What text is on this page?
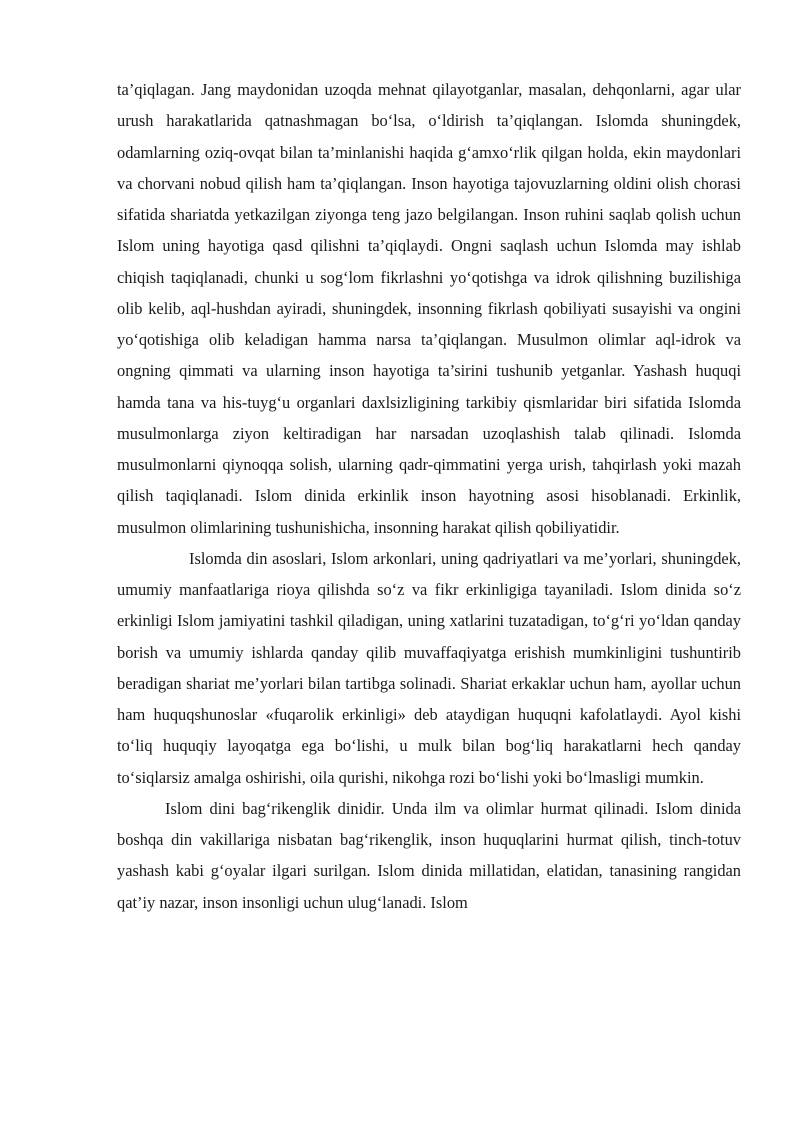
ta’qiqlagan. Jang maydonidan uzoqda mehnat qilayotganlar, masalan, dehqonlarni, agar ular urush harakatlarida qatnashmagan bo‘lsa, o‘ldirish ta’qiqlangan. Islomda shuningdek, odamlarning oziq-ovqat bilan ta’minlanishi haqida g‘amxo‘rlik qilgan holda, ekin maydonlari va chorvani nobud qilish ham ta’qiqlangan. Inson hayotiga tajovuzlarning oldini olish chorasi sifatida shariatda yetkazilgan ziyonga teng jazo belgilangan. Inson ruhini saqlab qolish uchun Islom uning hayotiga qasd qilishni ta’qiqlaydi. Ongni saqlash uchun Islomda may ishlab chiqish taqiqlanadi, chunki u sog‘lom fikrlashni yo‘qotishga va idrok qilishning buzilishiga olib kelib, aql-hushdan ayiradi, shuningdek, insonning fikrlash qobiliyati susayishi va ongini yo‘qotishiga olib keladigan hamma narsa ta’qiqlangan. Musulmon olimlar aql-idrok va ongning qimmati va ularning inson hayotiga ta’sirini tushunib yetganlar. Yashash huquqi hamda tana va his-tuyg‘u organlari daxlsizligining tarkibiy qismlaridar biri sifatida Islomda musulmonlarga ziyon keltiradigan har narsadan uzoqlashish talab qilinadi. Islomda musulmonlarni qiynoqqa solish, ularning qadr-qimmatini yerga urish, tahqirlash yoki mazah qilish taqiqlanadi. Islom dinida erkinlik inson hayotning asosi hisoblanadi. Erkinlik, musulmon olimlarining tushunishicha, insonning harakat qilish qobiliyatidir.

Islomda din asoslari, Islom arkonlari, uning qadriyatlari va me’yorlari, shuningdek, umumiy manfaatlariga rioya qilishda so‘z va fikr erkinligiga tayaniladi. Islom dinida so‘z erkinligi Islom jamiyatini tashkil qiladigan, uning xatlarini tuzatadigan, to‘g‘ri yo‘ldan qanday borish va umumiy ishlarda qanday qilib muvaffaqiyatga erishish mumkinligini tushuntirib beradigan shariat me’yorlari bilan tartibga solinadi. Shariat erkaklar uchun ham, ayollar uchun ham huquqshunoslar «fuqarolik erkinligi» deb ataydigan huquqni kafolatlaydi. Ayol kishi to‘liq huquqiy layoqatga ega bo‘lishi, u mulk bilan bog‘liq harakatlarni hech qanday to‘siqlarsiz amalga oshirishi, oila qurishi, nikohga rozi bo‘lishi yoki bo‘lmasligi mumkin.

Islom dini bag‘rikenglik dinidir. Unda ilm va olimlar hurmat qilinadi. Islom dinida boshqa din vakillariga nisbatan bag‘rikenglik, inson huquqlarini hurmat qilish, tinch-totuv yashash kabi g‘oyalar ilgari surilgan. Islom dinida millatidan, elatidan, tanasining rangidan qat’iy nazar, inson insonligi uchun ulug‘lanadi. Islom
